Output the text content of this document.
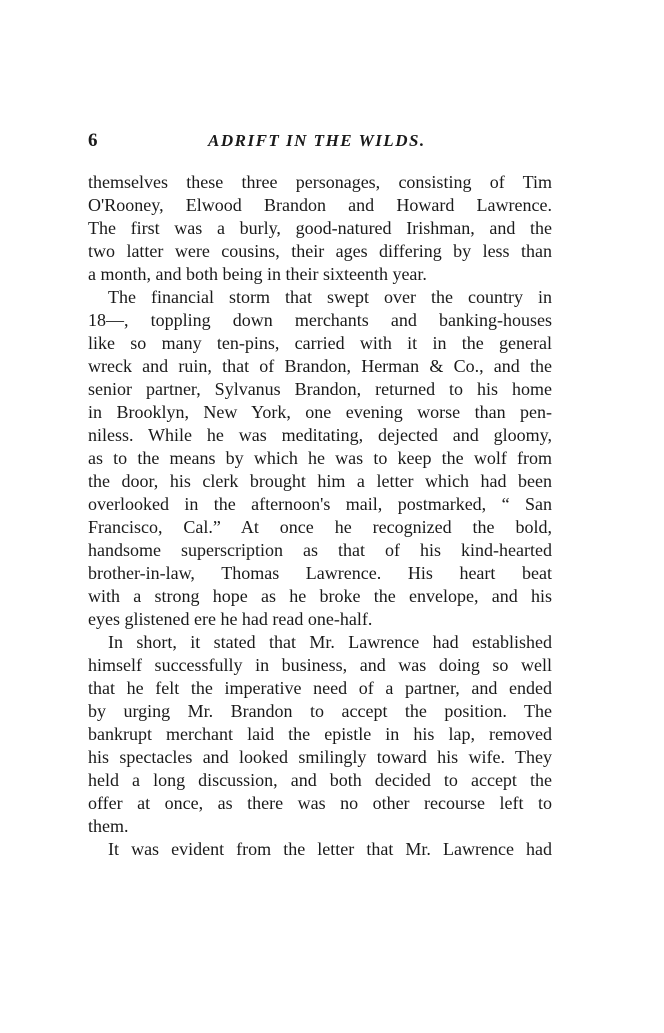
6	ADRIFT IN THE WILDS.

themselves these three personages, consisting of Tim
O'Rooney, Elwood Brandon and Howard Lawrence.
The first was a burly, good-natured Irishman, and the
two latter were cousins, their ages differing by less than
a month, and both being in their sixteenth year.

The financial storm that swept over the country in
18—, toppling down merchants and banking-houses
like so many ten-pins, carried with it in the general
wreck and ruin, that of Brandon, Herman & Co., and the
senior partner, Sylvanus Brandon, returned to his home
in Brooklyn, New York, one evening worse than pen-
niless. While he was meditating, dejected and gloomy,
as to the means by which he was to keep the wolf from
the door, his clerk brought him a letter which had been
overlooked in the afternoon's mail, postmarked, “ San
Francisco, Cal.” At once he recognized the bold,
handsome superscription as that of his kind-hearted
brother-in-law, Thomas Lawrence. His heart beat
with a strong hope as he broke the envelope, and his
eyes glistened ere he had read one-half.

In short, it stated that Mr. Lawrence had established
himself successfully in business, and was doing so well
that he felt the imperative need of a partner, and ended
by urging Mr. Brandon to accept the position. The
bankrupt merchant laid the epistle in his lap, removed
his spectacles and looked smilingly toward his wife. They
held a long discussion, and both decided to accept the
offer at once, as there was no other recourse left to
them.

It was evident from the letter that Mr. Lawrence had
